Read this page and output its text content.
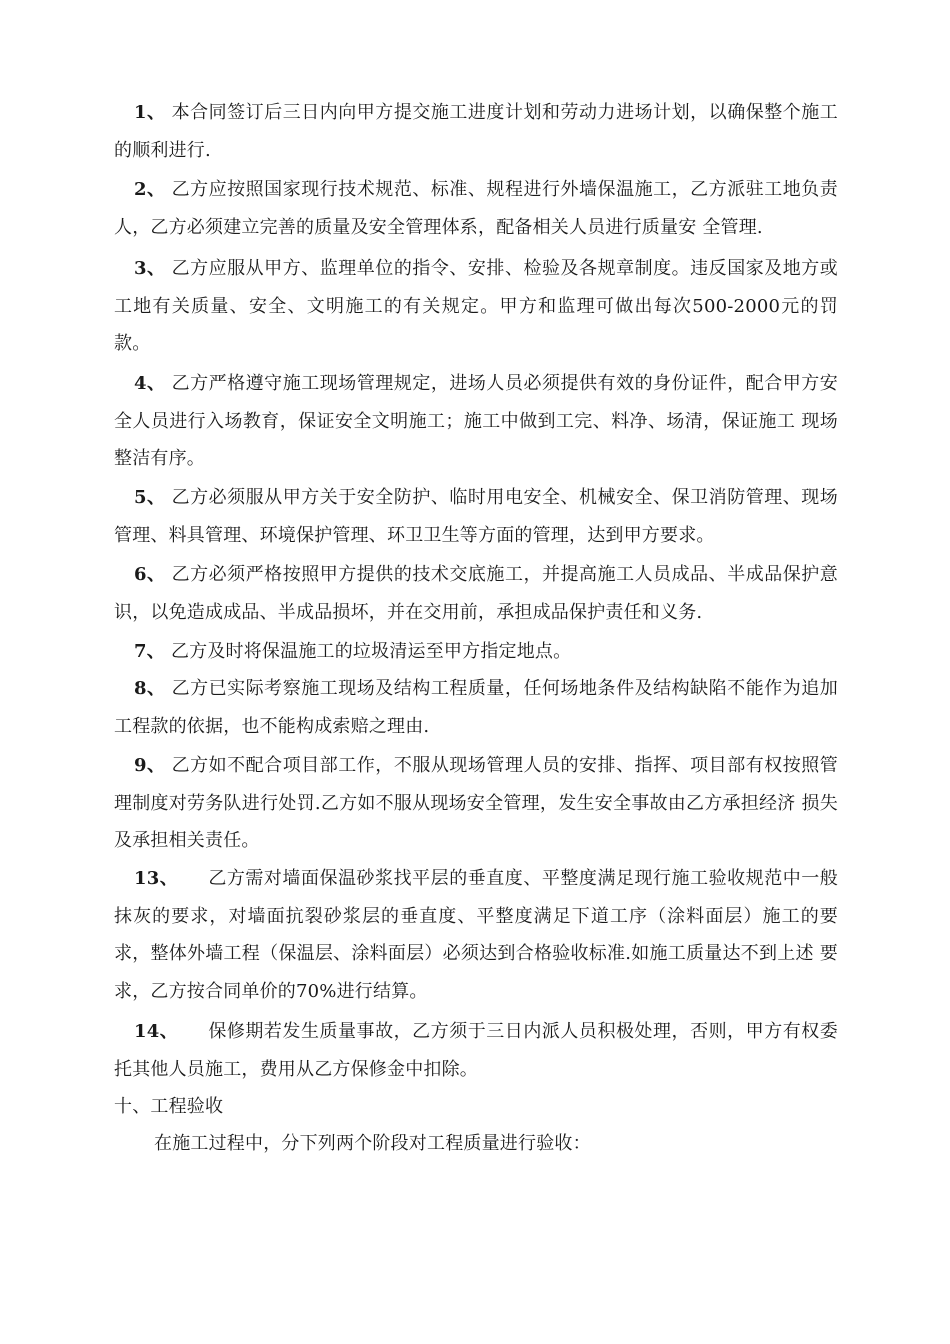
1、 本合同签订后三日内向甲方提交施工进度计划和劳动力进场计划，以确保整个施工 的顺利进行.

2、 乙方应按照国家现行技术规范、标准、规程进行外墙保温施工，乙方派驻工地负责人，乙方必须建立完善的质量及安全管理体系，配备相关人员进行质量安 全管理.

3、 乙方应服从甲方、监理单位的指令、安排、检验及各规章制度。违反国家及地方或工地有关质量、安全、文明施工的有关规定。甲方和监理可做出每次500-2000元的罚款。

4、 乙方严格遵守施工现场管理规定，进场人员必须提供有效的身份证件，配合甲方安 全人员进行入场教育，保证安全文明施工；施工中做到工完、料净、场清，保证施工 现场整洁有序。

5、 乙方必须服从甲方关于安全防护、临时用电安全、机械安全、保卫消防管理、现场管理、料具管理、环境保护管理、环卫卫生等方面的管理，达到甲方要求。

6、 乙方必须严格按照甲方提供的技术交底施工，并提高施工人员成品、半成品保护意识，以免造成成品、半成品损坏，并在交用前，承担成品保护责任和义务.

7、 乙方及时将保温施工的垃圾清运至甲方指定地点。

8、 乙方已实际考察施工现场及结构工程质量，任何场地条件及结构缺陷不能作为追加工程款的依据，也不能构成索赔之理由.

9、 乙方如不配合项目部工作，不服从现场管理人员的安排、指挥、项目部有权按照管 理制度对劳务队进行处罚.乙方如不服从现场安全管理，发生安全事故由乙方承担经济 损失及承担相关责任。

13、 乙方需对墙面保温砂浆找平层的垂直度、平整度满足现行施工验收规范中一般抹灰的要求，对墙面抗裂砂浆层的垂直度、平整度满足下道工序（涂料面层）施工的要求，整体外墙工程（保温层、涂料面层）必须达到合格验收标准.如施工质量达不到上述 要求，乙方按合同单价的70%进行结算。

14、 保修期若发生质量事故，乙方须于三日内派人员积极处理，否则，甲方有权委托其他人员施工，费用从乙方保修金中扣除。

十、工程验收

在施工过程中，分下列两个阶段对工程质量进行验收：
